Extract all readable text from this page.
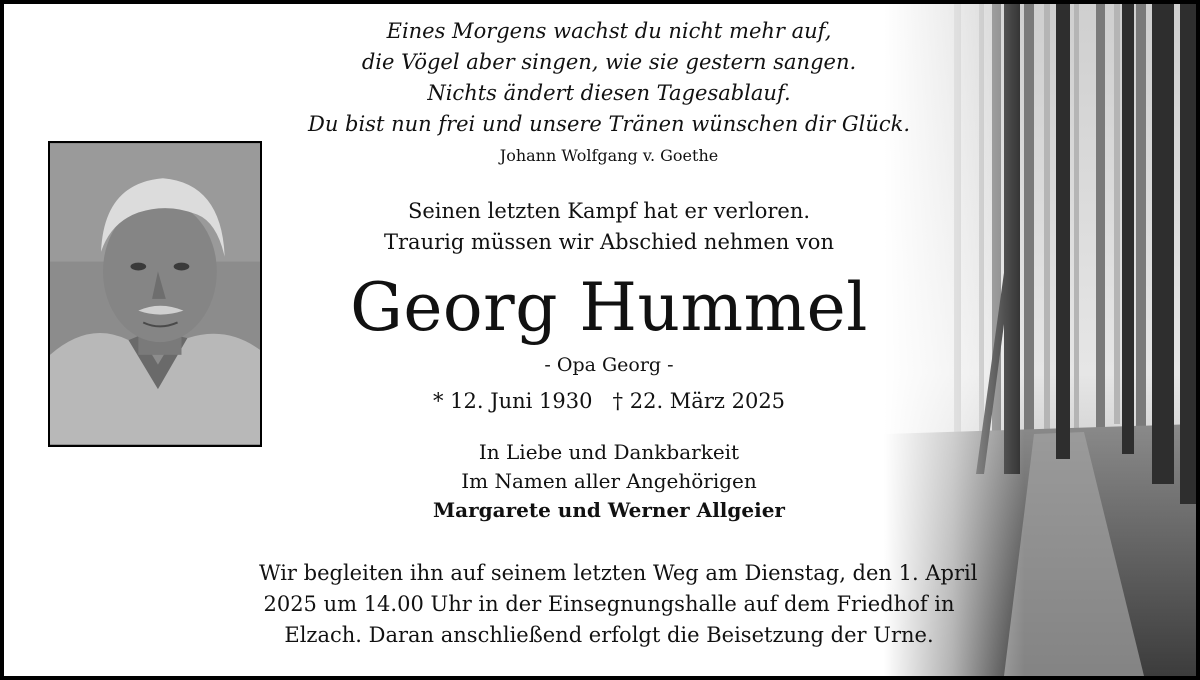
Eines Morgens wachst du nicht mehr auf,
die Vögel aber singen, wie sie gestern sangen.
Nichts ändert diesen Tagesablauf.
Du bist nun frei und unsere Tränen wünschen dir Glück.
Johann Wolfgang v. Goethe
Seinen letzten Kampf hat er verloren.
Traurig müssen wir Abschied nehmen von
Georg Hummel
- Opa Georg -
* 12. Juni 1930 † 22. März 2025
In Liebe und Dankbarkeit
Im Namen aller Angehörigen
Margarete und Werner Allgeier
Wir begleiten ihn auf seinem letzten Weg am Dienstag, den 1. April
2025 um 14.00 Uhr in der Einsegnungshalle auf dem Friedhof in
Elzach. Daran anschließend erfolgt die Beisetzung der Urne.
